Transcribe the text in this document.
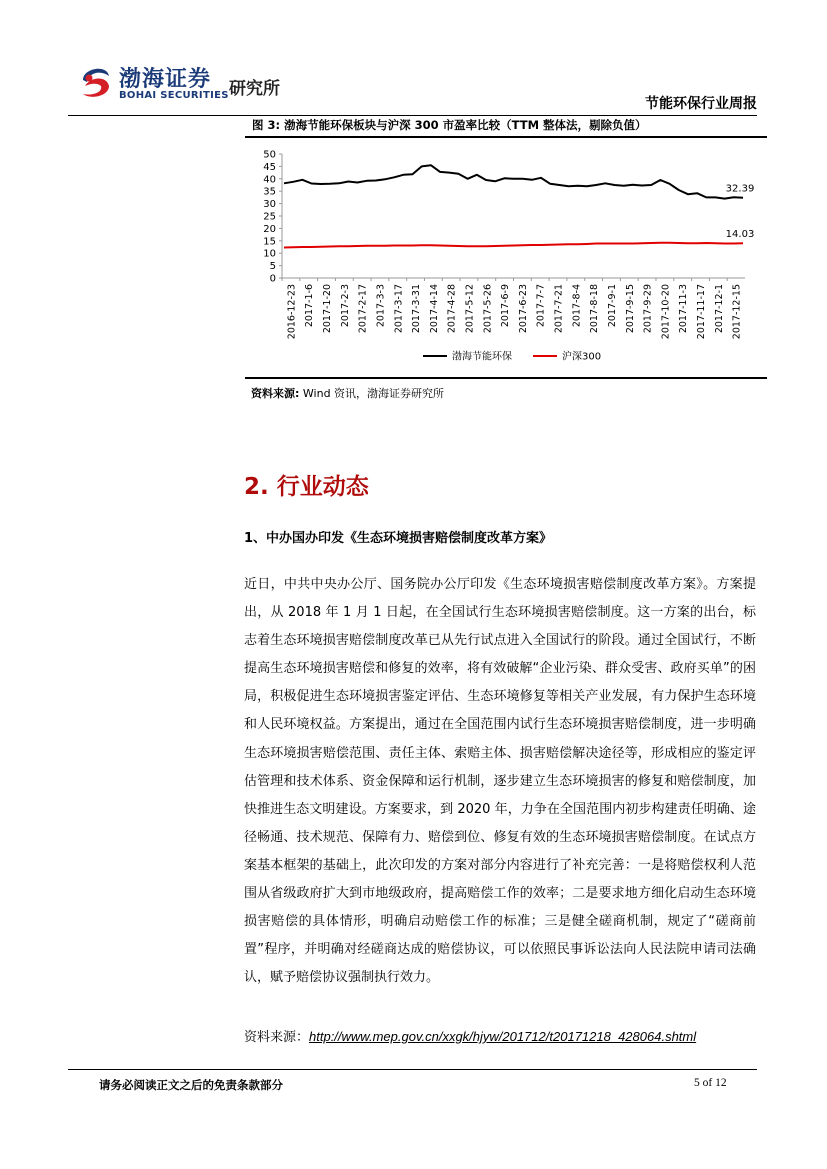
渤海证券
BOHAI SECURITIES 研究所
节能环保行业周报
图 3: 渤海节能环保板块与沪深 300 市盈率比较（TTM 整体法，剔除负值）
0
5
10
15
20
25
30
35
40
45
50
2016-12-23 2017-1-6 2017-1-20 2017-2-3 2017-2-17 2017-3-3 2017-3-17 2017-3-31 2017-4-14 2017-4-28 2017-5-12 2017-5-26 2017-6-9 2017-6-23 2017-7-7 2017-7-21 2017-8-4 2017-8-18 2017-9-1 2017-9-15 2017-9-29 2017-10-20 2017-11-3 2017-11-17 2017-12-1 2017-12-15
32.39
14.03
渤海节能环保	沪深300
资料来源: Wind 资讯，渤海证券研究所
2. 行业动态
1、中办国办印发《生态环境损害赔偿制度改革方案》
近日，中共中央办公厅、国务院办公厅印发《生态环境损害赔偿制度改革方案》。方案提出，从 2018 年 1 月 1 日起，在全国试行生态环境损害赔偿制度。这一方案的出台，标志着生态环境损害赔偿制度改革已从先行试点进入全国试行的阶段。通过全国试行，不断提高生态环境损害赔偿和修复的效率，将有效破解“企业污染、群众受害、政府买单”的困局，积极促进生态环境损害鉴定评估、生态环境修复等相关产业发展，有力保护生态环境和人民环境权益。方案提出，通过在全国范围内试行生态环境损害赔偿制度，进一步明确生态环境损害赔偿范围、责任主体、索赔主体、损害赔偿解决途径等，形成相应的鉴定评估管理和技术体系、资金保障和运行机制，逐步建立生态环境损害的修复和赔偿制度，加快推进生态文明建设。方案要求，到 2020 年，力争在全国范围内初步构建责任明确、途径畅通、技术规范、保障有力、赔偿到位、修复有效的生态环境损害赔偿制度。在试点方案基本框架的基础上，此次印发的方案对部分内容进行了补充完善：一是将赔偿权利人范围从省级政府扩大到市地级政府，提高赔偿工作的效率；二是要求地方细化启动生态环境损害赔偿的具体情形，明确启动赔偿工作的标准；三是健全磋商机制，规定了“磋商前置”程序，并明确对经磋商达成的赔偿协议，可以依照民事诉讼法向人民法院申请司法确认，赋予赔偿协议强制执行效力。
资料来源：http://www.mep.gov.cn/xxgk/hjyw/201712/t20171218_428064.shtml
请务必阅读正文之后的免责条款部分	5 of 12
